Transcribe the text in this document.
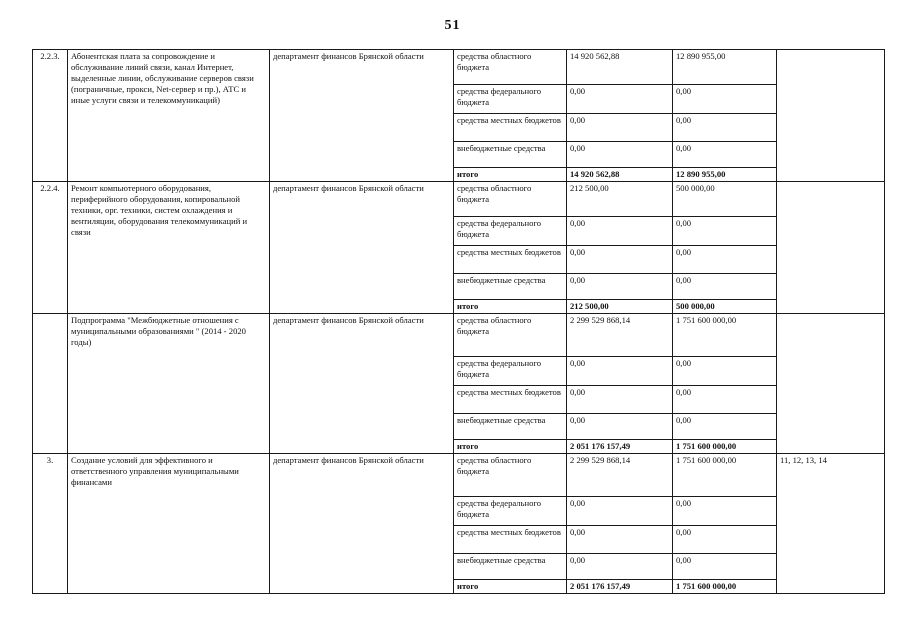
51
2.2.3.	Абонентская плата за сопровождение и обслуживание линий связи, канал Интернет, выделенные линии, обслуживание серверов связи (пограничные, прокси, Net-сервер и пр.), АТС и иные услуги связи и телекоммуникаций)	департамент финансов Брянской области	средства областного бюджета	14 920 562,88	12 890 955,00	
			средства федерального бюджета	0,00	0,00	
			средства местных бюджетов	0,00	0,00	
			внебюджетные средства	0,00	0,00	
			итого	14 920 562,88	12 890 955,00	
2.2.4.	Ремонт компьютерного оборудования, периферийного оборудования, копировальной техники, орг. техники, систем охлаждения и вентиляции, оборудования телекоммуникаций и связи	департамент финансов Брянской области	средства областного бюджета	212 500,00	500 000,00	
			средства федерального бюджета	0,00	0,00	
			средства местных бюджетов	0,00	0,00	
			внебюджетные средства	0,00	0,00	
			итого	212 500,00	500 000,00	
	Подпрограмма "Межбюджетные отношения с муниципальными образованиями " (2014 - 2020 годы)	департамент финансов Брянской области	средства областного бюджета	2 299 529 868,14	1 751 600 000,00	
			средства федерального бюджета	0,00	0,00	
			средства местных бюджетов	0,00	0,00	
			внебюджетные средства	0,00	0,00	
			итого	2 051 176 157,49	1 751 600 000,00	
3.	Создание условий для эффективного и ответственного управления муниципальными финансами	департамент финансов Брянской области	средства областного бюджета	2 299 529 868,14	1 751 600 000,00	11, 12, 13, 14
			средства федерального бюджета	0,00	0,00	
			средства местных бюджетов	0,00	0,00	
			внебюджетные средства	0,00	0,00	
			итого	2 051 176 157,49	1 751 600 000,00	
